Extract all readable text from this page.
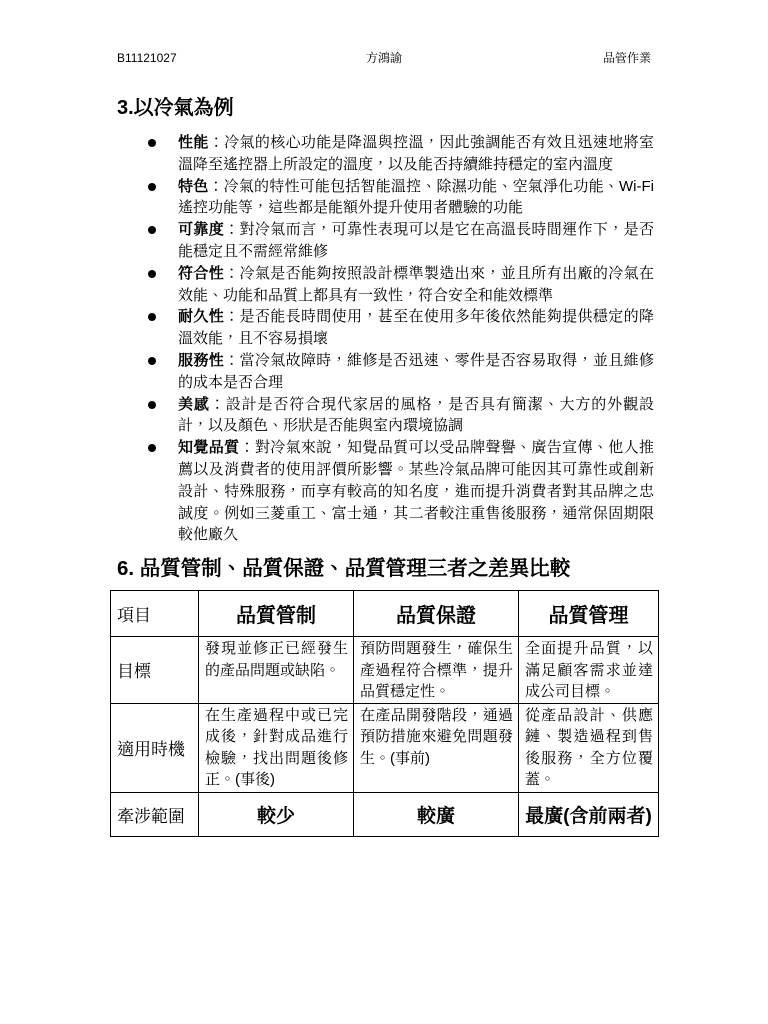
B11121027	方鴻諭	品管作業
3.以冷氣為例
性能：冷氣的核心功能是降溫與控溫，因此強調能否有效且迅速地將室溫降至遙控器上所設定的溫度，以及能否持續維持穩定的室內溫度
特色：冷氣的特性可能包括智能溫控、除濕功能、空氣淨化功能、Wi-Fi遙控功能等，這些都是能額外提升使用者體驗的功能
可靠度：對冷氣而言，可靠性表現可以是它在高溫長時間運作下，是否能穩定且不需經常維修
符合性：冷氣是否能夠按照設計標準製造出來，並且所有出廠的冷氣在效能、功能和品質上都具有一致性，符合安全和能效標準
耐久性：是否能長時間使用，甚至在使用多年後依然能夠提供穩定的降溫效能，且不容易損壞
服務性：當冷氣故障時，維修是否迅速、零件是否容易取得，並且維修的成本是否合理
美感：設計是否符合現代家居的風格，是否具有簡潔、大方的外觀設計，以及顏色、形狀是否能與室內環境協調
知覺品質：對冷氣來說，知覺品質可以受品牌聲譽、廣告宣傳、他人推薦以及消費者的使用評價所影響。某些冷氣品牌可能因其可靠性或創新設計、特殊服務，而享有較高的知名度，進而提升消費者對其品牌之忠誠度。例如三菱重工、富士通，其二者較注重售後服務，通常保固期限較他廠久
6. 品質管制、品質保證、品質管理三者之差異比較
項目	品質管制	品質保證	品質管理
目標	發現並修正已經發生的產品問題或缺陷。	預防問題發生，確保生產過程符合標準，提升品質穩定性。	全面提升品質，以滿足顧客需求並達成公司目標。
適用時機	在生產過程中或已完成後，針對成品進行檢驗，找出問題後修正。(事後)	在產品開發階段，通過預防措施來避免問題發生。(事前)	從產品設計、供應鏈、製造過程到售後服務，全方位覆蓋。
牽涉範圍	較少	較廣	最廣(含前兩者)
